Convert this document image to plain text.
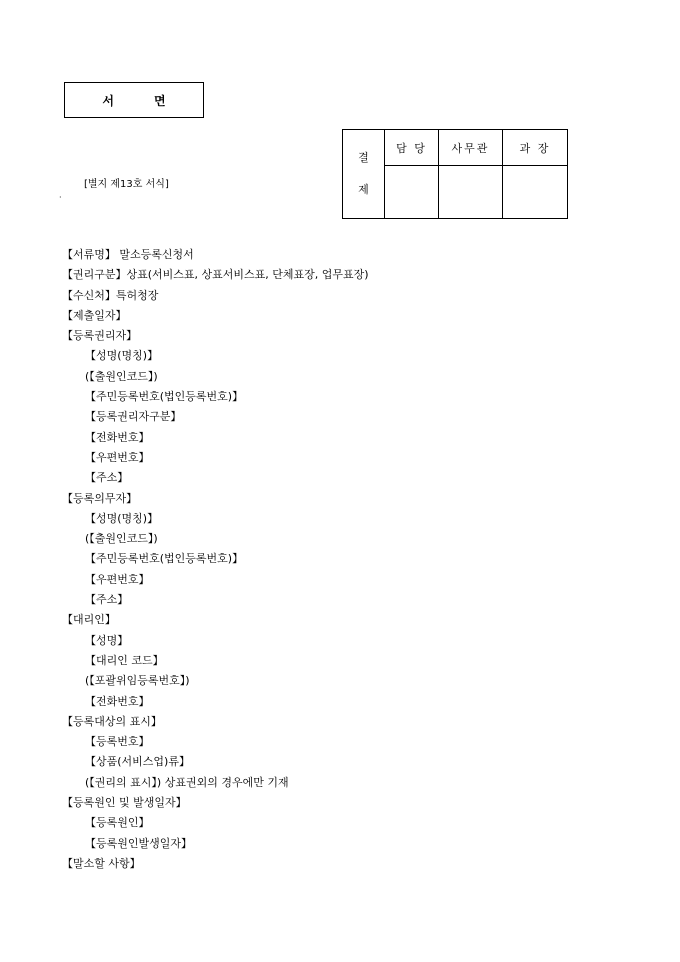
서	면
[별지 제13호 서식]
·
결
제	담 당	사무관	과 장

【서류명】 말소등록신청서
【권리구분】상표(서비스표, 상표서비스표, 단체표장, 업무표장)
【수신처】특허청장
【제출일자】
【등록권리자】
【성명(명칭)】
(【출원인코드】)
【주민등록번호(법인등록번호)】
【등록권리자구분】
【전화번호】
【우편번호】
【주소】
【등록의무자】
【성명(명칭)】
(【출원인코드】)
【주민등록번호(법인등록번호)】
【우편번호】
【주소】
【대리인】
【성명】
【대리인 코드】
(【포괄위임등록번호】)
【전화번호】
【등록대상의 표시】
【등록번호】
【상품(서비스업)류】
(【권리의 표시】) 상표권외의 경우에만 기재
【등록원인 및 발생일자】
【등록원인】
【등록원인발생일자】
【말소할 사항】
